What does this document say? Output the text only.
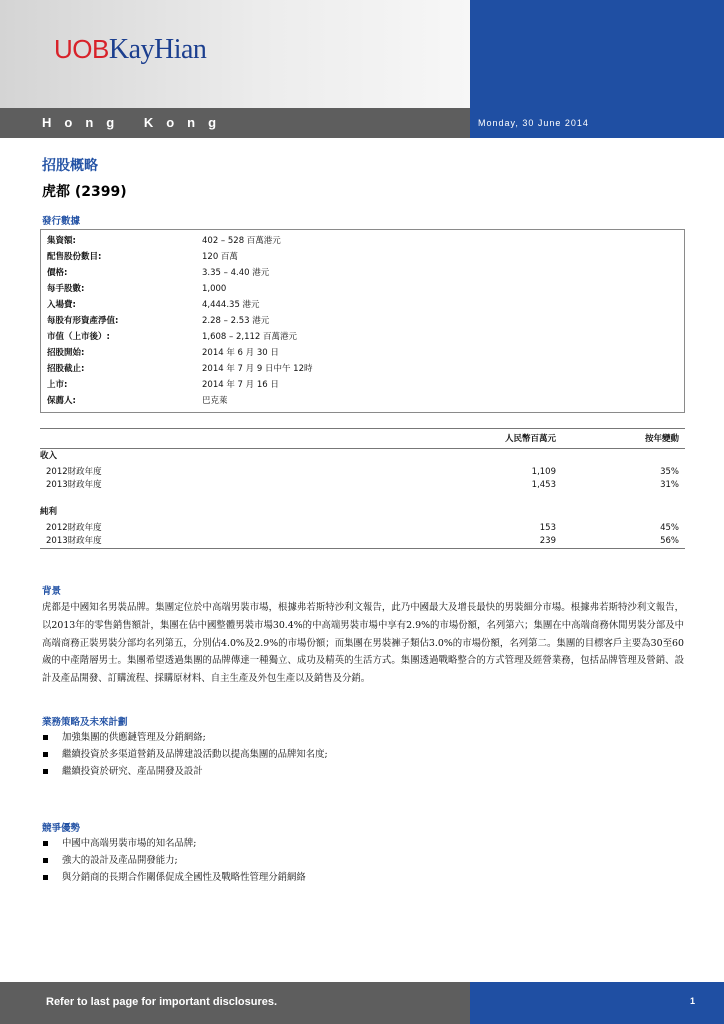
UOBKayHian
Hong Kong	Monday, 30 June 2014
招股概略
虎都 (2399)
發行數據
集資額:	402 – 528 百萬港元
配售股份數目:	120 百萬
價格:	3.35 – 4.40 港元
每手股數:	1,000
入場費:	4,444.35 港元
每股有形資產淨值:	2.28 – 2.53 港元
市值（上市後）:	1,608 – 2,112 百萬港元
招股開始:	2014 年 6 月 30 日
招股截止:	2014 年 7 月 9 日中午 12時
上市:	2014 年 7 月 16 日
保薦人:	巴克萊
人民幣百萬元	按年變動
收入
2012財政年度	1,109	35%
2013財政年度	1,453	31%
純利
2012財政年度	153	45%
2013財政年度	239	56%
背景
虎都是中國知名男裝品牌。集團定位於中高端男裝市場，根據弗若斯特沙利文報告，此乃中國最大及增長最快的男裝細分市場。根據弗若斯特沙利文報告，以2013年的零售銷售額計，集團在佔中國整體男裝市場30.4%的中高端男裝市場中享有2.9%的市場份額，名列第六；集團在中高端商務休閒男裝分部及中高端商務正裝男裝分部均名列第五，分別佔4.0%及2.9%的市場份額；而集團在男裝褲子類佔3.0%的市場份額，名列第二。集團的目標客戶主要為30至60歲的中產階層男士。集團希望透過集團的品牌傳達一種獨立、成功及精英的生活方式。集團透過戰略整合的方式管理及經營業務，包括品牌管理及營銷、設計及產品開發、訂購流程、採購原材料、自主生產及外包生產以及銷售及分銷。
業務策略及未來計劃
加強集團的供應鏈管理及分銷網絡;
繼續投資於多渠道營銷及品牌建設活動以提高集團的品牌知名度;
繼續投資於研究、產品開發及設計
競爭優勢
中國中高端男裝市場的知名品牌;
強大的設計及產品開發能力;
與分銷商的長期合作關係促成全國性及戰略性管理分銷網絡
Refer to last page for important disclosures.	1
